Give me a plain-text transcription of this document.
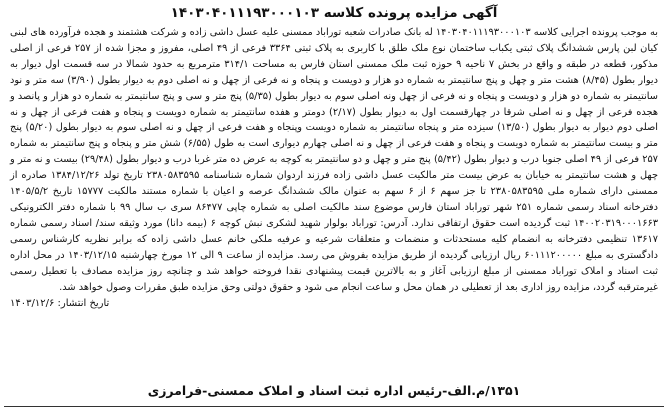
آگهی مزایده پرونده کلاسه ۱۴۰۳۰۴۰۱۱۱۹۳۰۰۰۱۰۳

به موجب پرونده اجرایی کلاسه ۱۴۰۳۰۴۰۱۱۱۹۳۰۰۰۱۰۳ له بانک صادرات شعبه توراباد ممسنی علیه عسل داشی زاده و شرکت هشتمند و هجده فرآورده های لبنی کیان لبن پارس ششدانگ پلاک ثبتی یکباب ساختمان نوع ملک طلق با کاربری به پلاک ثبتی ۳۳۶۴ فرعی از ۴۹ اصلی، مفروز و مجزا شده از ۲۵۷ فرعی از اصلی مذکور، قطعه در طبقه و واقع در بخش ۷ ناحیه ۹ حوزه ثبت ملک ممسنی استان فارس به مساحت ۳۱۴/۱ مترمربع به حدود شمالا در سه قسمت اول دیوار به دیوار بطول (۸/۴۵) هشت متر و چهل و پنج سانتیمتر به شماره دو هزار و دویست و پنجاه و نه فرعی از چهل و نه اصلی دوم به دیوار بطول (۳/۹۰) سه متر و نود سانتیمتر به شماره دو هزار و دویست و پنجاه و نه فرعی از چهل ونه اصلی سوم به دیوار بطول (۵/۳۵) پنج متر و سی و پنج سانتیمتر به شماره دو هزار و پانصد و هجده فرعی از چهل و نه اصلی شرقا در چهارقسمت اول به دیوار بطول (۲/۱۷) دومتر و هفده سانتیمتر به شماره دویست و پنجاه و هفت فرعی از چهل و نه اصلی دوم دیوار به دیوار بطول (۱۳/۵۰) سیزده متر و پنجاه سانتیمتر به شماره دویست وپنجاه و هفت فرعی از چهل و نه اصلی سوم به دیوار بطول (۵/۲۰) پنج متر و بیست سانتیمتر به شماره دویست و پنجاه و هفت فرعی از چهل و نه اصلی چهارم دیواری است به طول (۶/۵۵) شش متر و پنجاه و پنج سانتیمتر به شماره ۲۵۷ فرعی از ۴۹ اصلی جنوبا درب و دیوار بطول (۵/۴۲) پنج متر و چهل و دو سانتیمتر به کوچه به عرض ده متر غربا درب و دیوار بطول (۲۹/۴۸) بیست و نه متر و چهل و هشت سانتیمتر به خیابان به عرض بیست متر مالکیت عسل داشی زاده فرزند اردوان شماره شناسنامه ۲۳۸۰۵۸۳۵۹۵ تاریخ تولد ۱۳۸۴/۱۲/۲۶ صادره از ممسنی دارای شماره ملی ۲۳۸۰۵۸۳۵۹۵ تا جز سهم ۶ از ۶ سهم به عنوان مالک ششدانگ عرصه و اعیان با شماره مستند مالکیت ۱۵۷۷۷ تاریخ ۱۴۰۵/۵/۲ دفترخانه اسناد رسمی شماره ۲۵۱ شهر توراباد استان فارس موضوع سند مالکیت اصلی به شماره چاپی ۸۶۴۷۷ سری ب سال ۹۹ با شماره دفتر الکترونیکی ۱۴۰۰۲۰۳۱۹۰۰۰۱۶۶۳ ثبت گردیده است حقوق ارتفاقی ندارد. آدرس: توراباد بولوار شهید لشکری نبش کوچه ۶ (بیمه دانا) مورد وثیقه سند/ اسناد رسمی شماره ۱۳۶۱۷ تنظیمی دفترخانه به انضمام کلیه مستحدثات و منضمات و متعلقات شرعیه و عرفیه ملکی خانم عسل داشی زاده که برابر نظریه کارشناس رسمی دادگستری به مبلغ ۶۰۱۱۱۲۰۰۰۰۰ ریال ارزیابی گردیده از طریق مزایده بفروش می رسد. مزایده از ساعت ۹ الی ۱۲ مورخ چهارشنبه ۱۴۰۳/۱۲/۱۵ در محل اداره ثبت اسناد و املاک توراباد ممسنی از مبلغ ارزیابی آغاز و به بالاترین قیمت پیشنهادی نقدا فروخته خواهد شد و چنانچه روز مزایده مصادف با تعطیل رسمی غیرمترقبه گردد، مزایده روز اداری بعد از تعطیلی در همان محل و ساعت انجام می شود و حقوق دولتی وحق مزایده طبق مقررات وصول خواهد شد.

تاریخ انتشار: ۱۴۰۳/۱۲/۶
۱۳۵۱/م.الف-رئیس اداره ثبت اسناد و املاک ممسنی-فرامرزی
